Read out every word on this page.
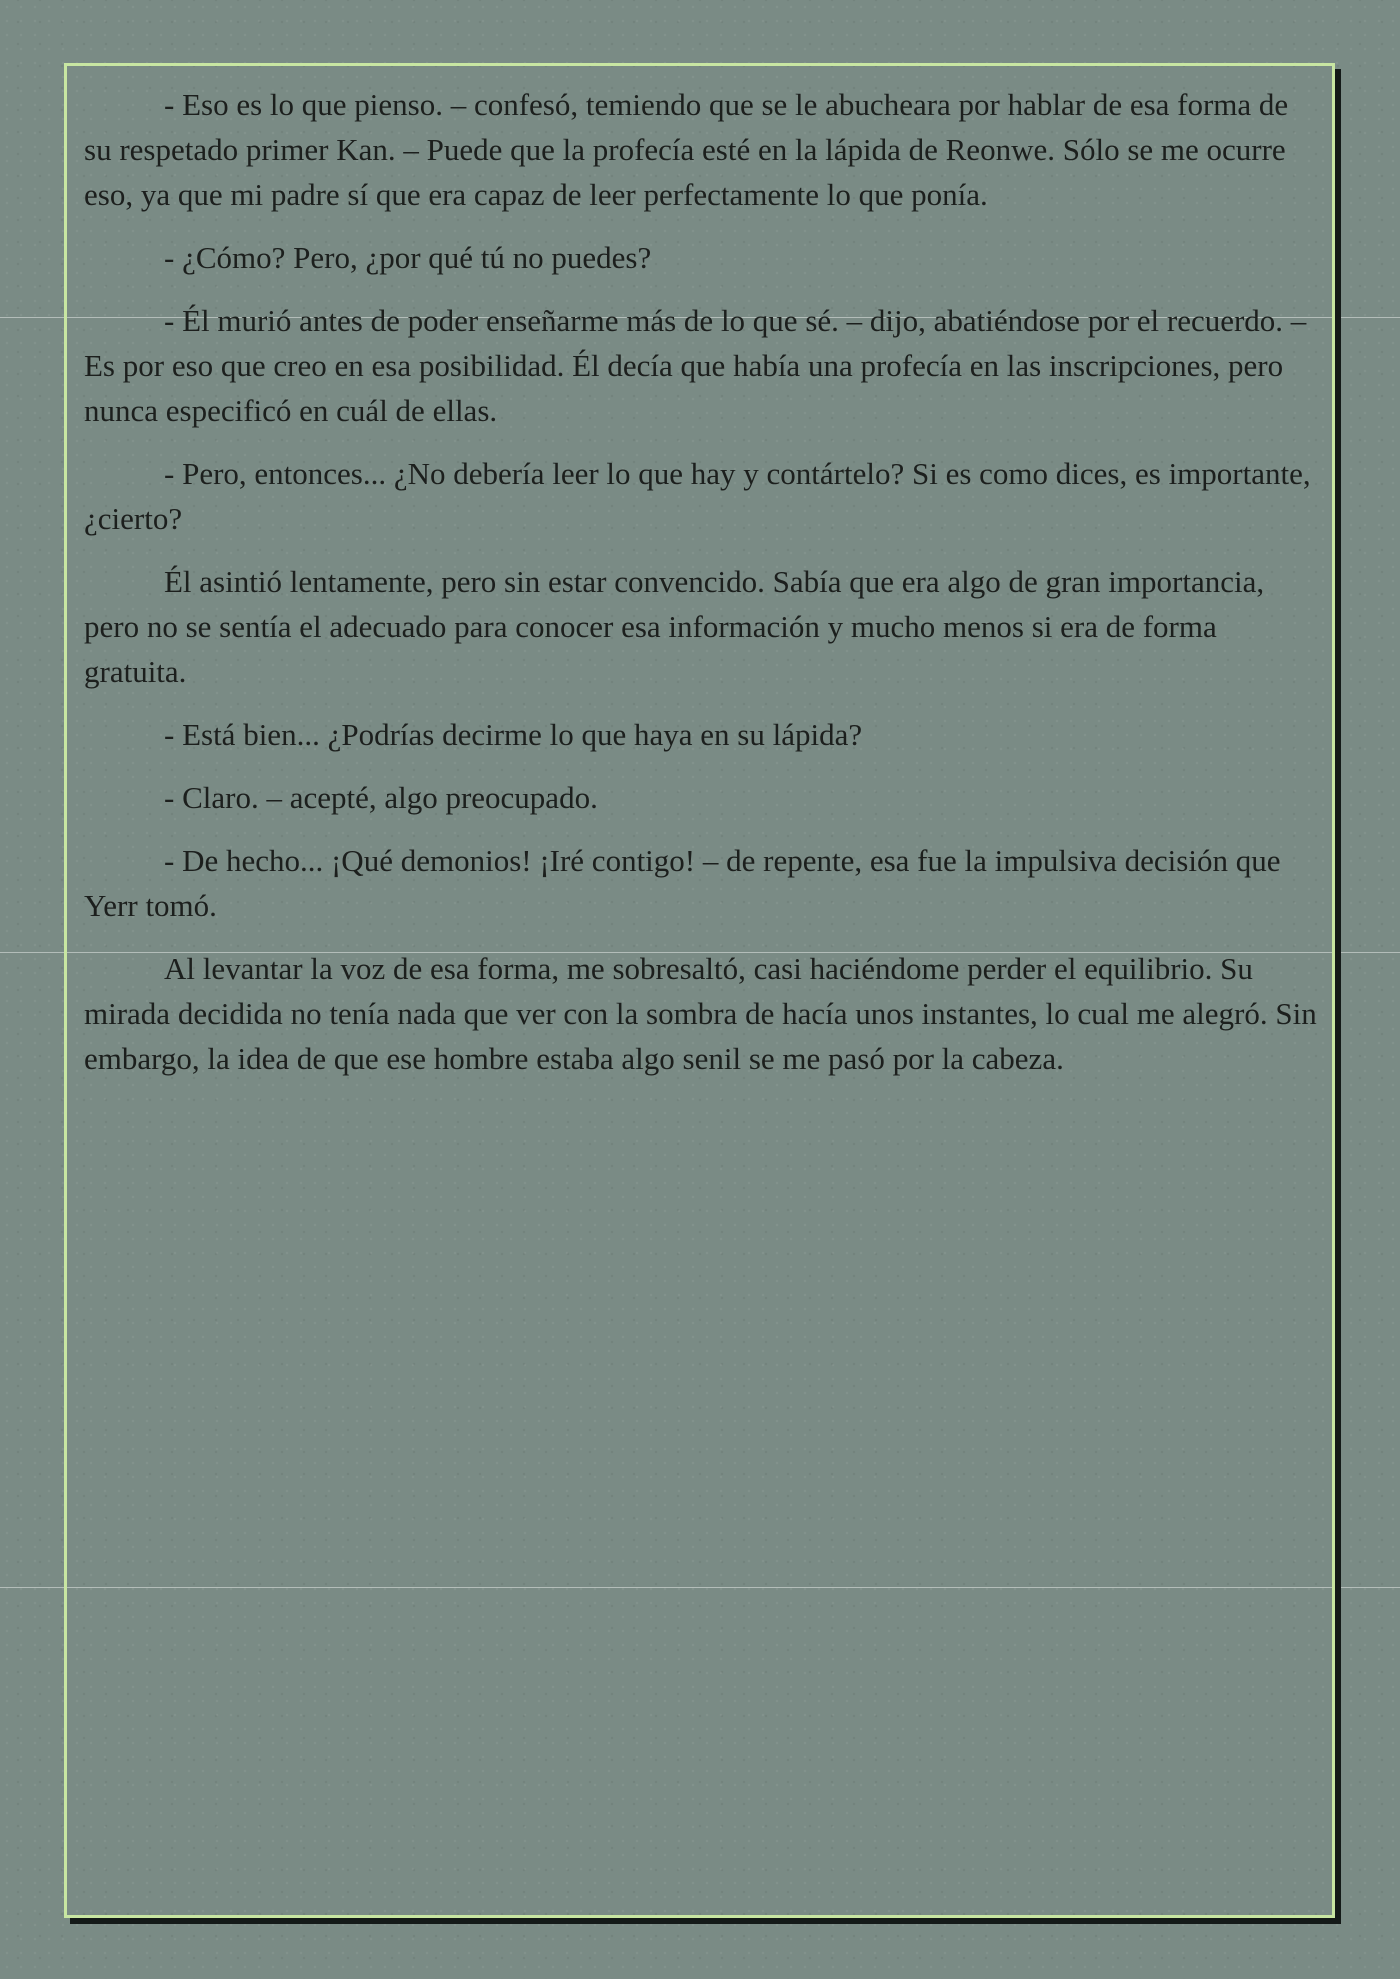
- Eso es lo que pienso. – confesó, temiendo que se le abucheara por hablar de esa forma de su respetado primer Kan. – Puede que la profecía esté en la lápida de Reonwe. Sólo se me ocurre eso, ya que mi padre sí que era capaz de leer perfectamente lo que ponía.

- ¿Cómo? Pero, ¿por qué tú no puedes?

- Él murió antes de poder enseñarme más de lo que sé. – dijo, abatiéndose por el recuerdo. – Es por eso que creo en esa posibilidad. Él decía que había una profecía en las inscripciones, pero nunca especificó en cuál de ellas.

- Pero, entonces... ¿No debería leer lo que hay y contártelo? Si es como dices, es importante, ¿cierto?

Él asintió lentamente, pero sin estar convencido. Sabía que era algo de gran importancia, pero no se sentía el adecuado para conocer esa información y mucho menos si era de forma gratuita.

- Está bien... ¿Podrías decirme lo que haya en su lápida?

- Claro. – acepté, algo preocupado.

- De hecho... ¡Qué demonios! ¡Iré contigo! – de repente, esa fue la impulsiva decisión que Yerr tomó.

Al levantar la voz de esa forma, me sobresaltó, casi haciéndome perder el equilibrio. Su mirada decidida no tenía nada que ver con la sombra de hacía unos instantes, lo cual me alegró. Sin embargo, la idea de que ese hombre estaba algo senil se me pasó por la cabeza.
